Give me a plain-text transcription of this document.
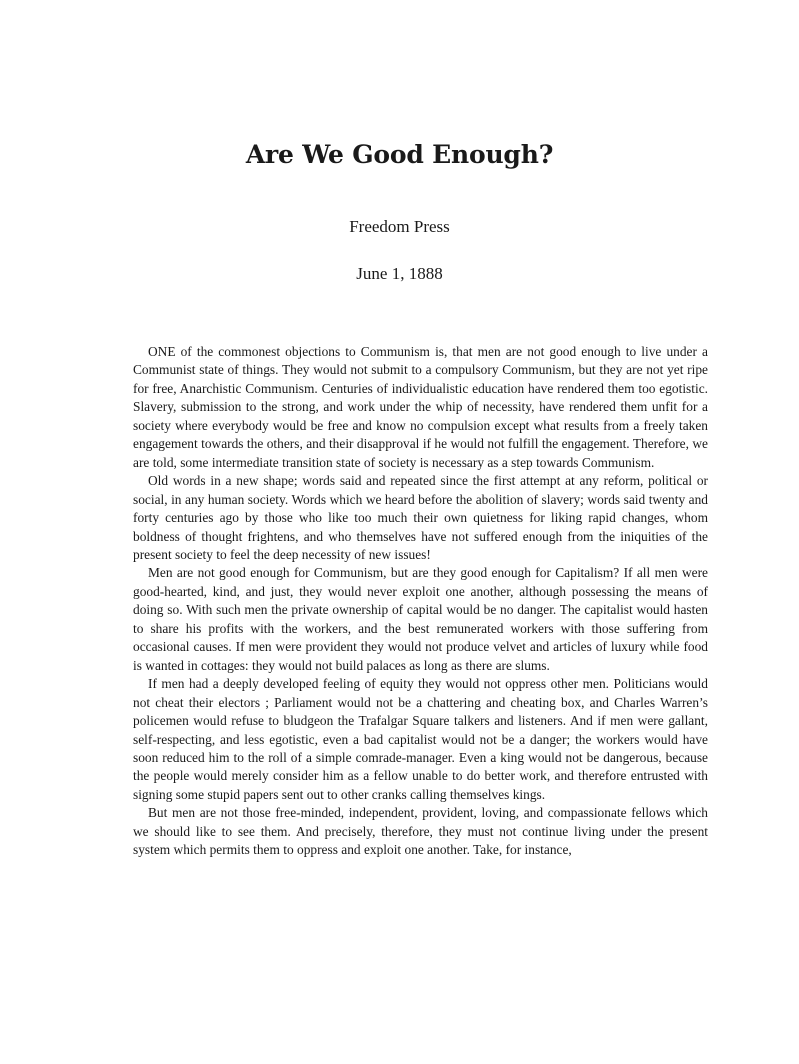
Are We Good Enough?
Freedom Press
June 1, 1888

ONE of the commonest objections to Communism is, that men are not good enough to live under a Communist state of things. They would not submit to a compulsory Communism, but they are not yet ripe for free, Anarchistic Communism. Centuries of individualistic education have rendered them too egotistic. Slavery, submission to the strong, and work under the whip of necessity, have rendered them unfit for a society where everybody would be free and know no compulsion except what results from a freely taken engagement towards the others, and their disapproval if he would not fulfill the engagement. Therefore, we are told, some intermediate transition state of society is necessary as a step towards Communism.

Old words in a new shape; words said and repeated since the first attempt at any reform, political or social, in any human society. Words which we heard before the abolition of slavery; words said twenty and forty centuries ago by those who like too much their own quietness for liking rapid changes, whom boldness of thought frightens, and who themselves have not suffered enough from the iniquities of the present society to feel the deep necessity of new issues!

Men are not good enough for Communism, but are they good enough for Capitalism? If all men were good-hearted, kind, and just, they would never exploit one another, although possessing the means of doing so. With such men the private ownership of capital would be no danger. The capitalist would hasten to share his profits with the workers, and the best remunerated workers with those suffering from occasional causes. If men were provident they would not produce velvet and articles of luxury while food is wanted in cottages: they would not build palaces as long as there are slums.

If men had a deeply developed feeling of equity they would not oppress other men. Politicians would not cheat their electors ; Parliament would not be a chattering and cheating box, and Charles Warren’s policemen would refuse to bludgeon the Trafalgar Square talkers and listeners. And if men were gallant, self-respecting, and less egotistic, even a bad capitalist would not be a danger; the workers would have soon reduced him to the roll of a simple comrade-manager. Even a king would not be dangerous, because the people would merely consider him as a fellow unable to do better work, and therefore entrusted with signing some stupid papers sent out to other cranks calling themselves kings.

But men are not those free-minded, independent, provident, loving, and compassionate fellows which we should like to see them. And precisely, therefore, they must not continue living under the present system which permits them to oppress and exploit one another. Take, for instance,
